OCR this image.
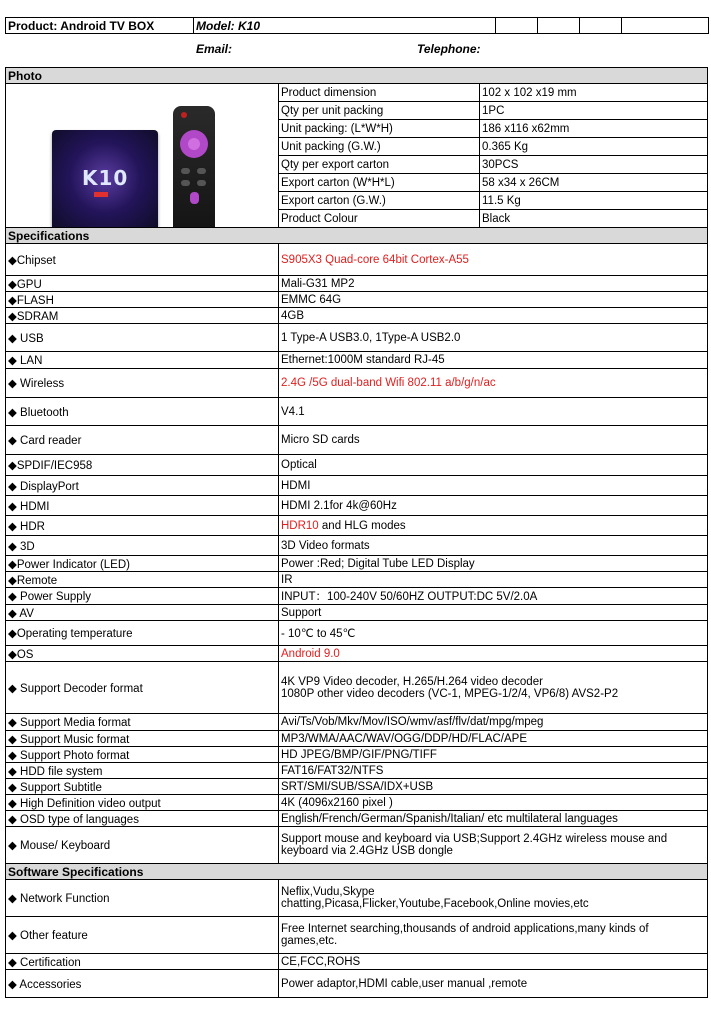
Product: Android TV BOX	Model: K10				
Email:	Telephone:
Photo		

K10	Product dimension	102 x 102 x19 mm
	Qty per unit packing	1PC
	Unit packing: (L*W*H)	186 x116 x62mm
	Unit packing (G.W.)	0.365 Kg
	Qty per export carton	30PCS
	Export carton (W*H*L)	58 x34 x 26CM
	Export carton (G.W.)	11.5 Kg
	Product Colour	Black
Specifications		
◆Chipset	S905X3 Quad-core 64bit Cortex-A55	
◆GPU	Mali-G31 MP2	
◆FLASH	EMMC 64G	
◆SDRAM	4GB	
◆ USB	1 Type-A USB3.0, 1Type-A USB2.0	
◆ LAN	Ethernet:1000M standard RJ-45	
◆ Wireless	2.4G /5G dual-band Wifi 802.11 a/b/g/n/ac	
◆ Bluetooth	V4.1	
◆ Card reader	Micro SD cards	
◆SPDIF/IEC958	Optical	
◆ DisplayPort	HDMI	
◆ HDMI	HDMI 2.1for 4k@60Hz	
◆ HDR	HDR10 and HLG modes	
◆ 3D	3D Video formats	
◆Power Indicator (LED)	Power :Red; Digital Tube LED Display	
◆Remote	IR	
◆ Power Supply	INPUT：100-240V 50/60HZ OUTPUT:DC 5V/2.0A	
◆ AV	Support	
◆Operating temperature	- 10℃ to 45℃	
◆OS	Android 9.0	
◆ Support Decoder format	4K VP9 Video decoder, H.265/H.264 video decoder
1080P other video decoders (VC-1, MPEG-1/2/4, VP6/8) AVS2-P2	
◆ Support Media format	Avi/Ts/Vob/Mkv/Mov/ISO/wmv/asf/flv/dat/mpg/mpeg	
◆ Support Music format	MP3/WMA/AAC/WAV/OGG/DDP/HD/FLAC/APE	
◆ Support Photo format	HD JPEG/BMP/GIF/PNG/TIFF	
◆ HDD file system	FAT16/FAT32/NTFS	
◆ Support Subtitle	SRT/SMI/SUB/SSA/IDX+USB	
◆ High Definition video output	4K (4096x2160 pixel )	
◆ OSD type of languages	English/French/German/Spanish/Italian/ etc multilateral languages	
◆ Mouse/ Keyboard	Support mouse and keyboard via USB;Support 2.4GHz wireless mouse and keyboard via 2.4GHz USB dongle	
Software Specifications		
◆ Network Function	Neflix,Vudu,Skype
chatting,Picasa,Flicker,Youtube,Facebook,Online movies,etc	
◆ Other feature	Free Internet searching,thousands of android applications,many kinds of games,etc.	
◆ Certification	CE,FCC,ROHS	
◆ Accessories	Power adaptor,HDMI cable,user manual ,remote	
